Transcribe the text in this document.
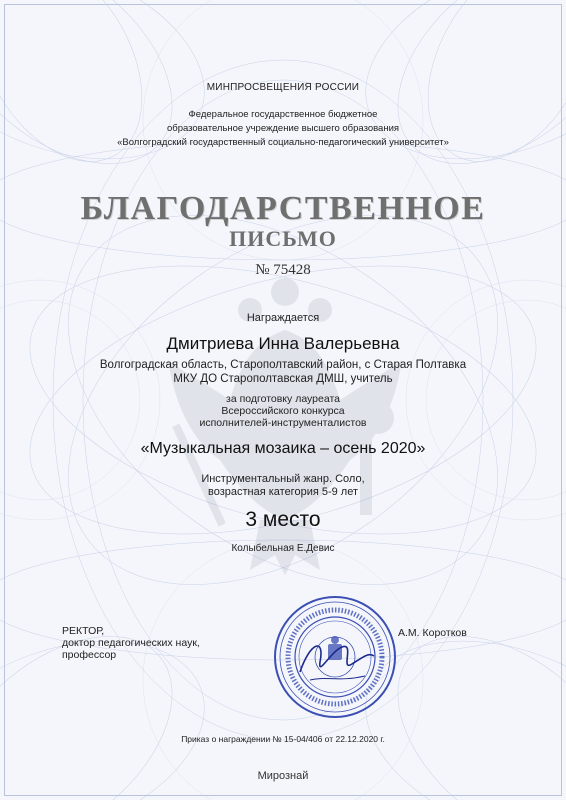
МИНПРОСВЕЩЕНИЯ РОССИИ
Федеральное государственное бюджетное
образовательное учреждение высшего образования
«Волгоградский государственный социально-педагогический университет»
БЛАГОДАРСТВЕННОЕ
ПИСЬМО
№ 75428
Награждается
Дмитриева Инна Валерьевна
Волгоградская область, Старополтавский район, с Старая Полтавка
МКУ ДО Старополтавская ДМШ, учитель
за подготовку лауреата
Всероссийского конкурса
исполнителей-инструменталистов
«Музыкальная мозаика – осень 2020»
Инструментальный жанр. Соло,
возрастная категория 5-9 лет
3 место
Колыбельная Е.Девис
РЕКТОР,
доктор педагогических наук,
профессор
А.М. Коротков
Приказ о награждении № 15-04/406 от 22.12.2020 г.
Мирознай
